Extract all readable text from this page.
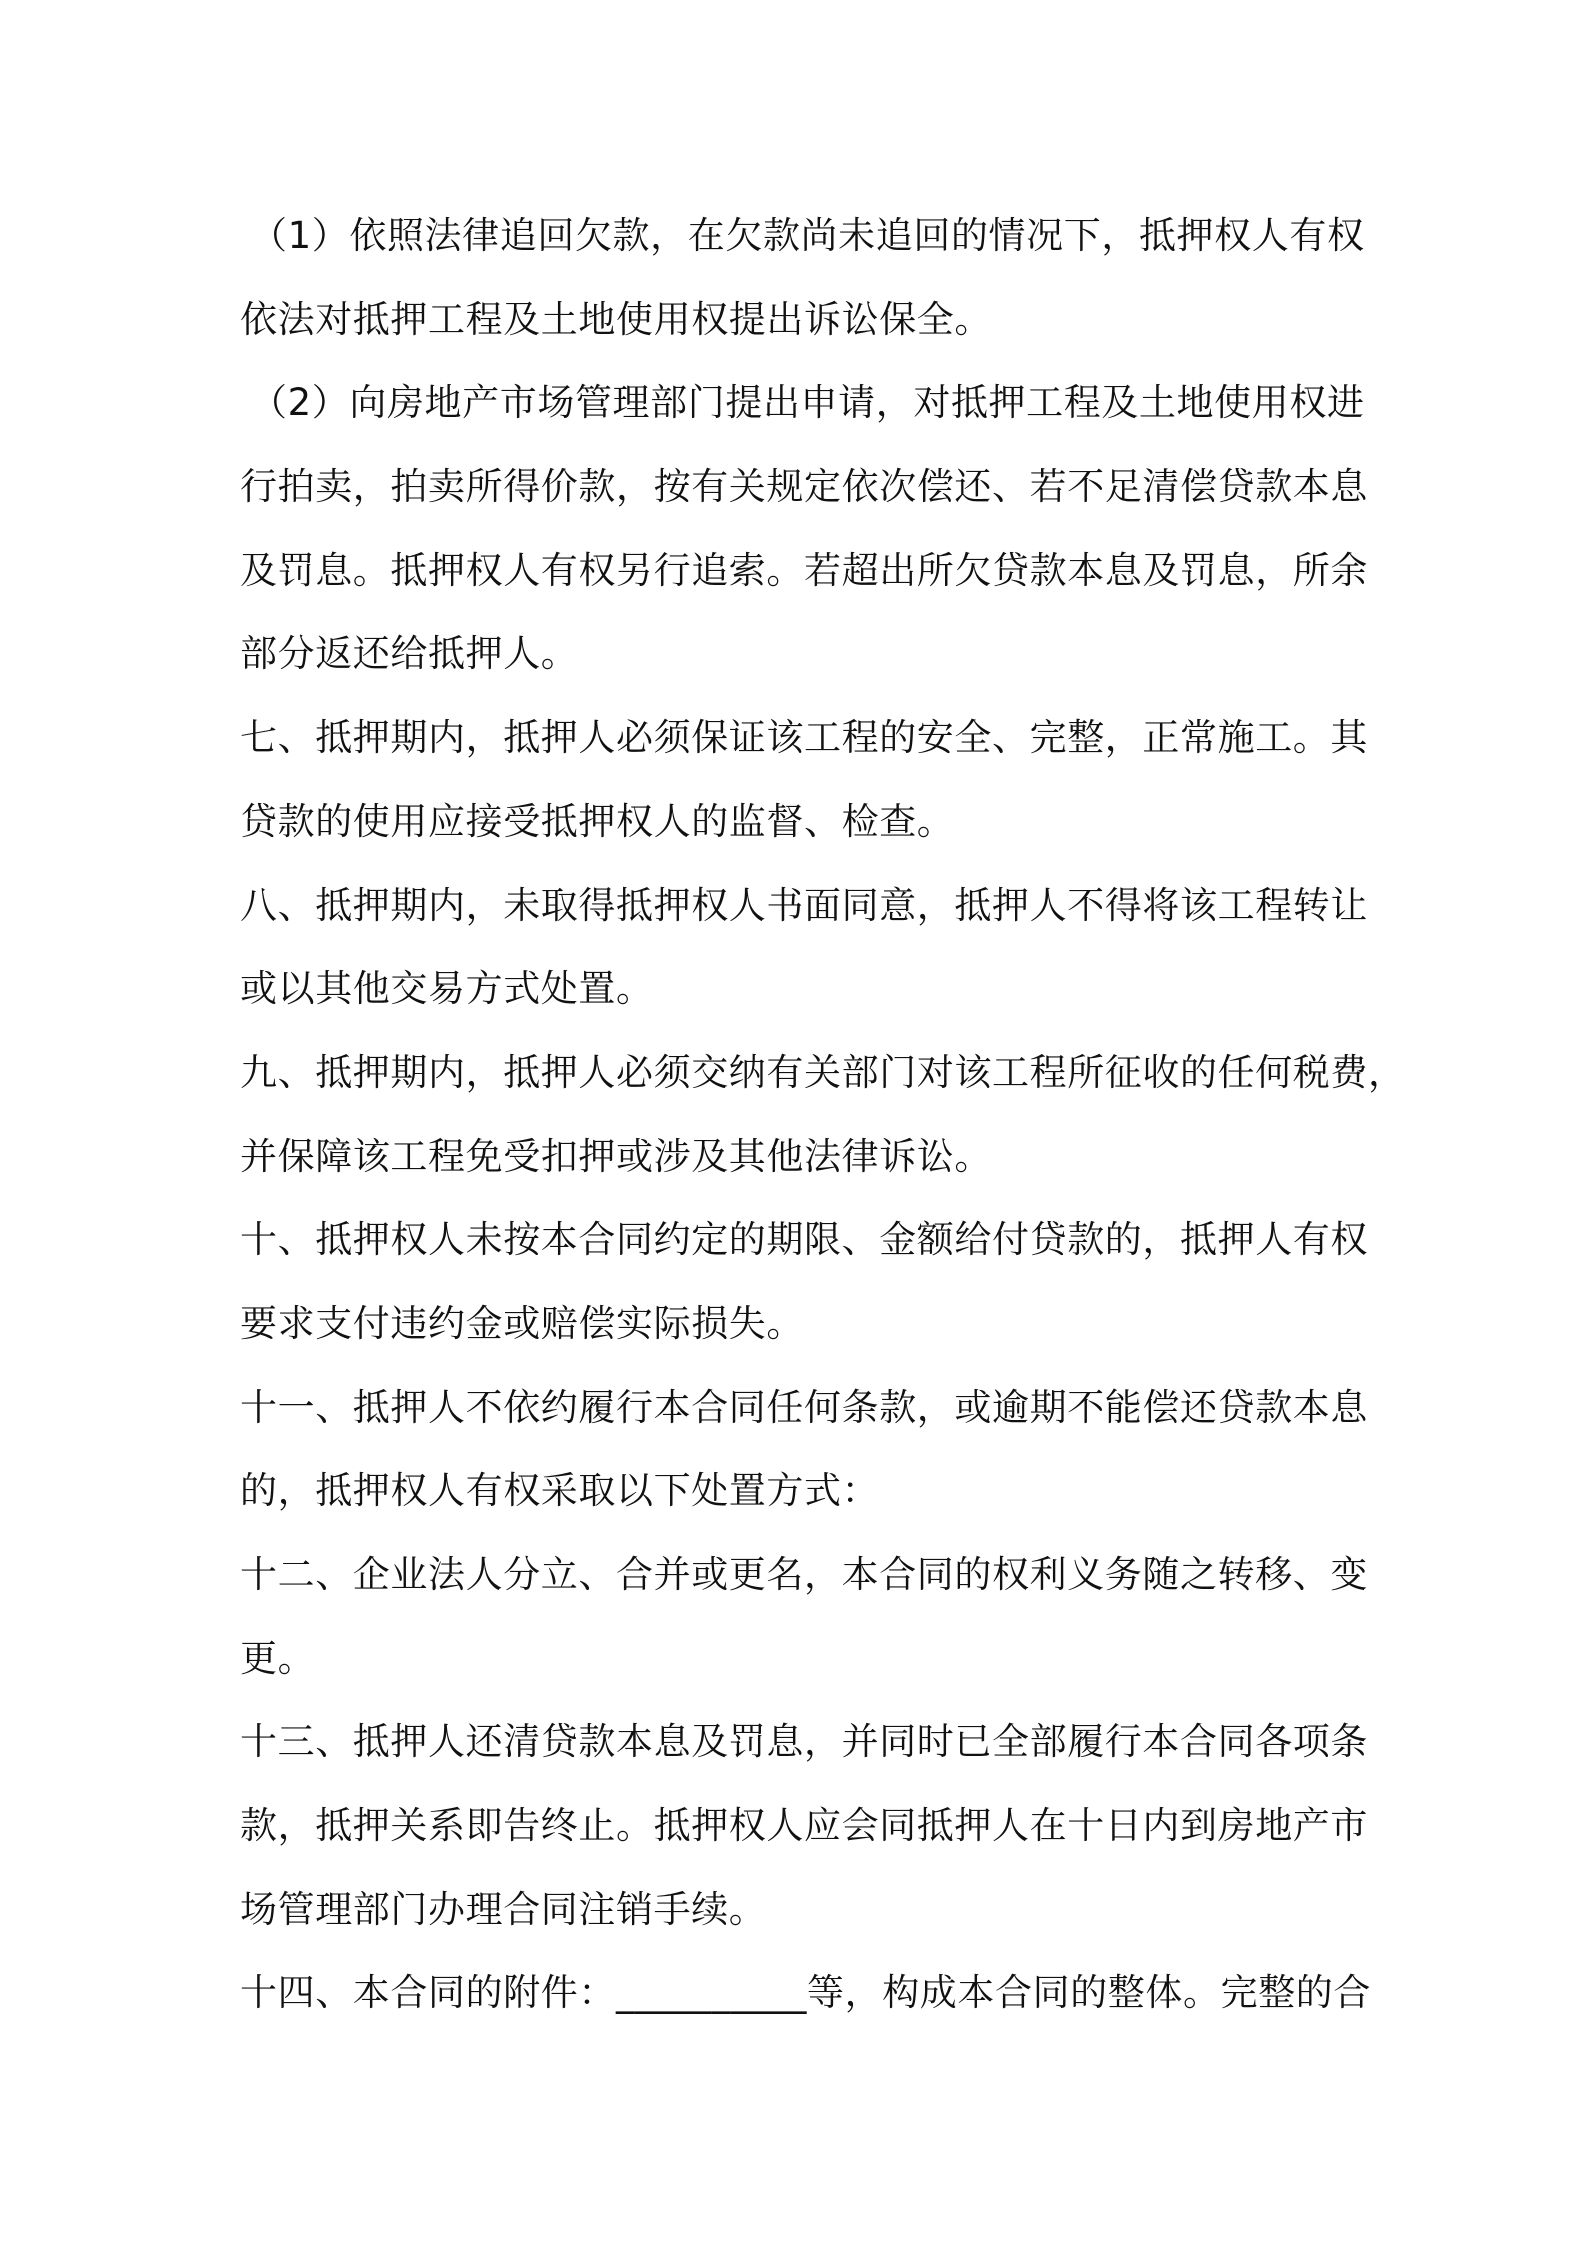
（1）依照法律追回欠款，在欠款尚未追回的情况下，抵押权人有权
依法对抵押工程及土地使用权提出诉讼保全。
（2）向房地产市场管理部门提出申请，对抵押工程及土地使用权进
行拍卖，拍卖所得价款，按有关规定依次偿还、若不足清偿贷款本息
及罚息。抵押权人有权另行追索。若超出所欠贷款本息及罚息，所余
部分返还给抵押人。
七、抵押期内，抵押人必须保证该工程的安全、完整，正常施工。其
贷款的使用应接受抵押权人的监督、检查。
八、抵押期内，未取得抵押权人书面同意，抵押人不得将该工程转让
或以其他交易方式处置。
九、抵押期内，抵押人必须交纳有关部门对该工程所征收的任何税费，
并保障该工程免受扣押或涉及其他法律诉讼。
十、抵押权人未按本合同约定的期限、金额给付贷款的，抵押人有权
要求支付违约金或赔偿实际损失。
十一、抵押人不依约履行本合同任何条款，或逾期不能偿还贷款本息
的，抵押权人有权采取以下处置方式：
十二、企业法人分立、合并或更名，本合同的权利义务随之转移、变
更。
十三、抵押人还清贷款本息及罚息，并同时已全部履行本合同各项条
款，抵押关系即告终止。抵押权人应会同抵押人在十日内到房地产市
场管理部门办理合同注销手续。
十四、本合同的附件：__________等，构成本合同的整体。完整的合
